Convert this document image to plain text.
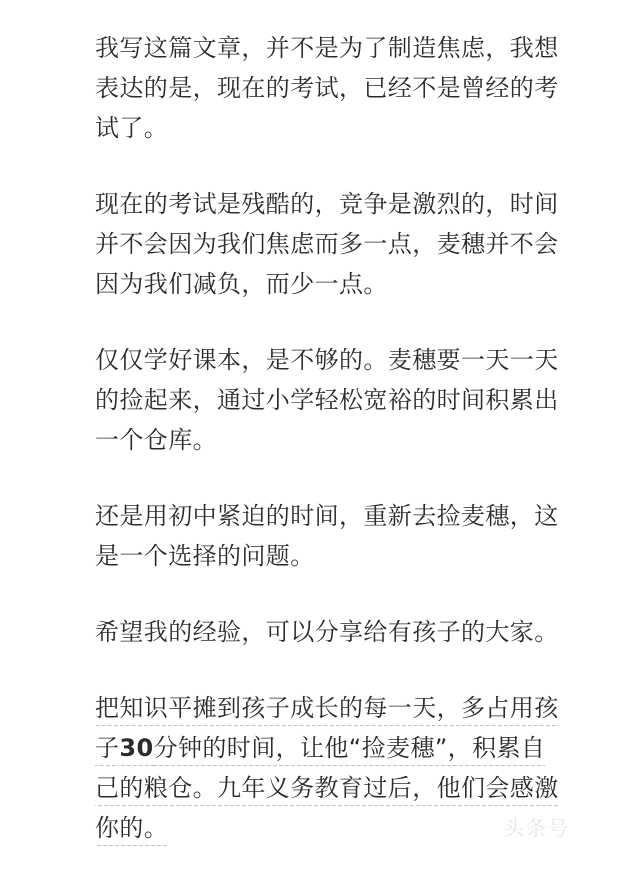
我写这篇文章，并不是为了制造焦虑，我想表达的是，现在的考试，已经不是曾经的考试了。

现在的考试是残酷的，竞争是激烈的，时间并不会因为我们焦虑而多一点，麦穗并不会因为我们减负，而少一点。

仅仅学好课本，是不够的。麦穗要一天一天的捡起来，通过小学轻松宽裕的时间积累出一个仓库。

还是用初中紧迫的时间，重新去捡麦穗，这是一个选择的问题。

希望我的经验，可以分享给有孩子的大家。

把知识平摊到孩子成长的每一天，多占用孩子30分钟的时间，让他“捡麦穗”，积累自己的粮仓。九年义务教育过后，他们会感激你的。	头条号
